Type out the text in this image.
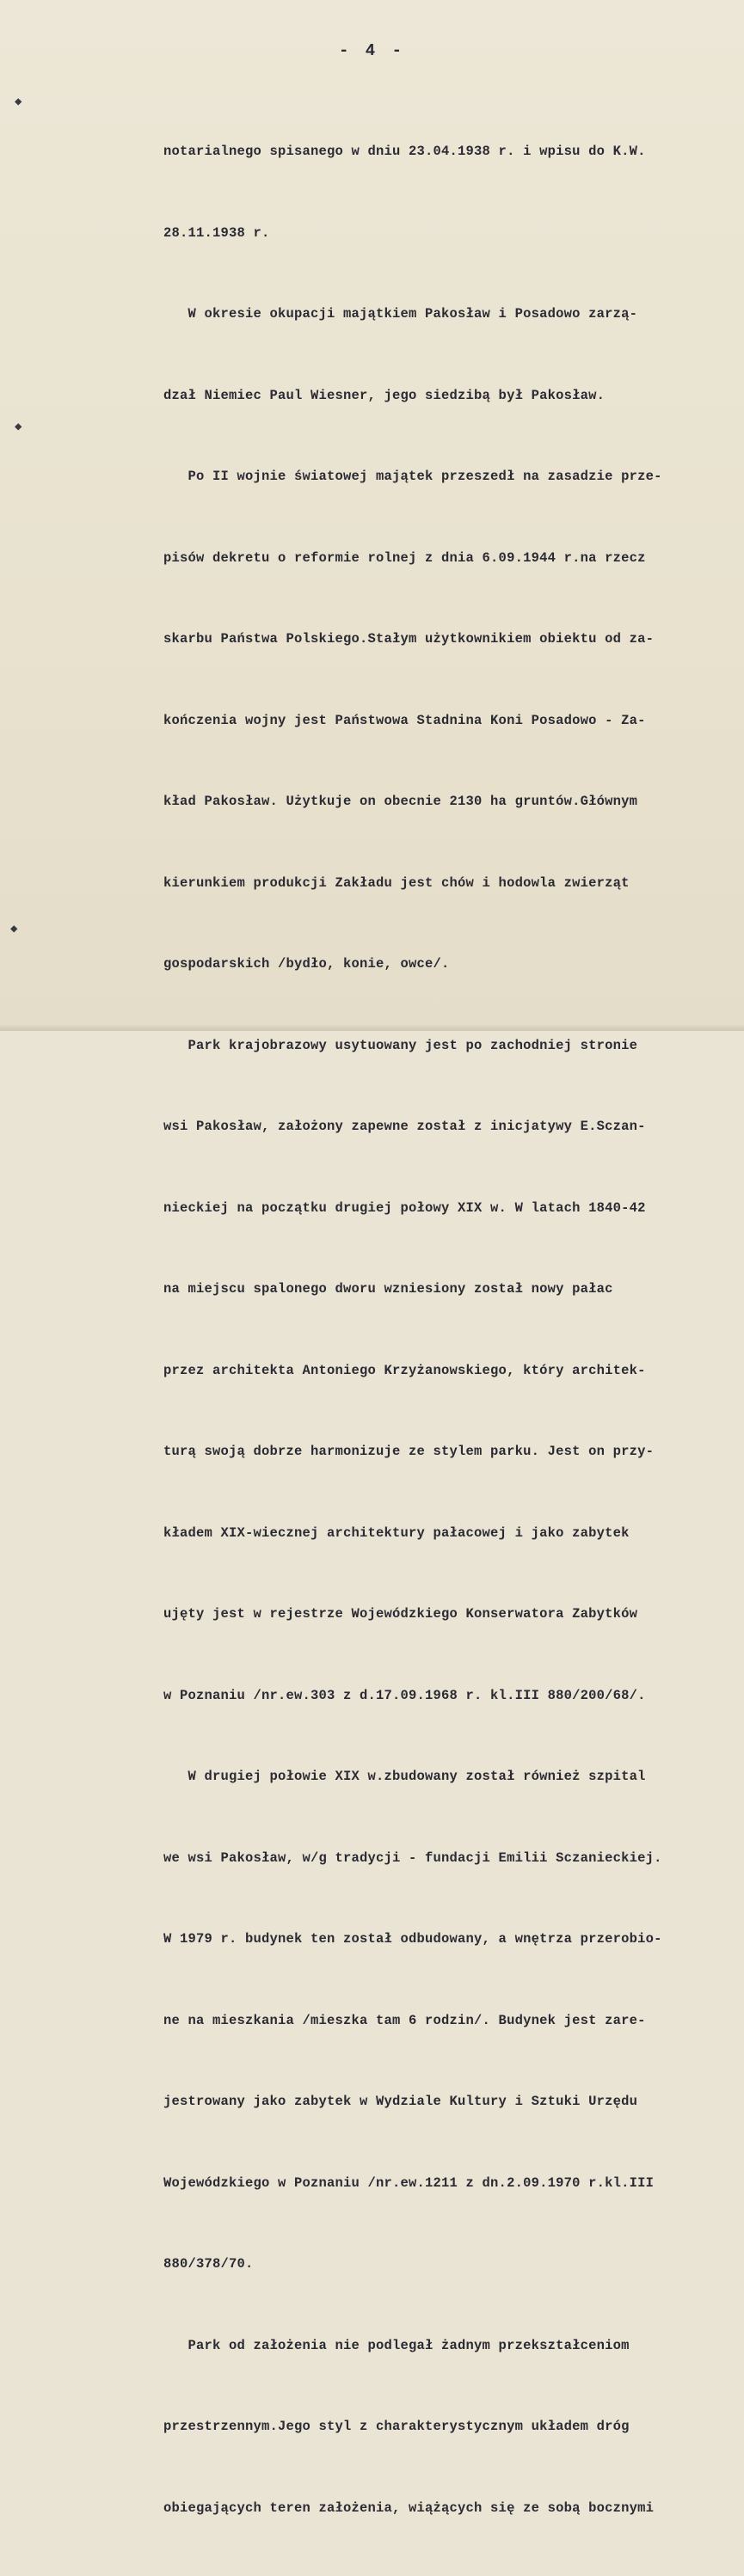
- 4 -
◆
◆
◆

notarialnego spisanego w dniu 23.04.1938 r. i wpisu do K.W.

28.11.1938 r.

W okresie okupacji majątkiem Pakosław i Posadowo zarzą-

dzał Niemiec Paul Wiesner, jego siedzibą był Pakosław.

Po II wojnie światowej majątek przeszedł na zasadzie prze-

pisów dekretu o reformie rolnej z dnia 6.09.1944 r.na rzecz

skarbu Państwa Polskiego.Stałym użytkownikiem obiektu od za-

kończenia wojny jest Państwowa Stadnina Koni Posadowo - Za-

kład Pakosław. Użytkuje on obecnie 2130 ha gruntów.Głównym

kierunkiem produkcji Zakładu jest chów i hodowla zwierząt

gospodarskich /bydło, konie, owce/.

Park krajobrazowy usytuowany jest po zachodniej stronie

wsi Pakosław, założony zapewne został z inicjatywy E.Sczan-

nieckiej na początku drugiej połowy XIX w. W latach 1840-42

na miejscu spalonego dworu wzniesiony został nowy pałac

przez architekta Antoniego Krzyżanowskiego, który architek-

turą swoją dobrze harmonizuje ze stylem parku. Jest on przy-

kładem XIX-wiecznej architektury pałacowej i jako zabytek

ujęty jest w rejestrze Wojewódzkiego Konserwatora Zabytków

w Poznaniu /nr.ew.303 z d.17.09.1968 r. kl.III 880/200/68/.

W drugiej połowie XIX w.zbudowany został również szpital

we wsi Pakosław, w/g tradycji - fundacji Emilii Sczanieckiej.

W 1979 r. budynek ten został odbudowany, a wnętrza przerobio-

ne na mieszkania /mieszka tam 6 rodzin/. Budynek jest zare-

jestrowany jako zabytek w Wydziale Kultury i Sztuki Urzędu

Wojewódzkiego w Poznaniu /nr.ew.1211 z dn.2.09.1970 r.kl.III

880/378/70.

Park od założenia nie podlegał żadnym przekształceniom

przestrzennym.Jego styl z charakterystycznym układem dróg

obiegających teren założenia, wiążących się ze sobą bocznymi
